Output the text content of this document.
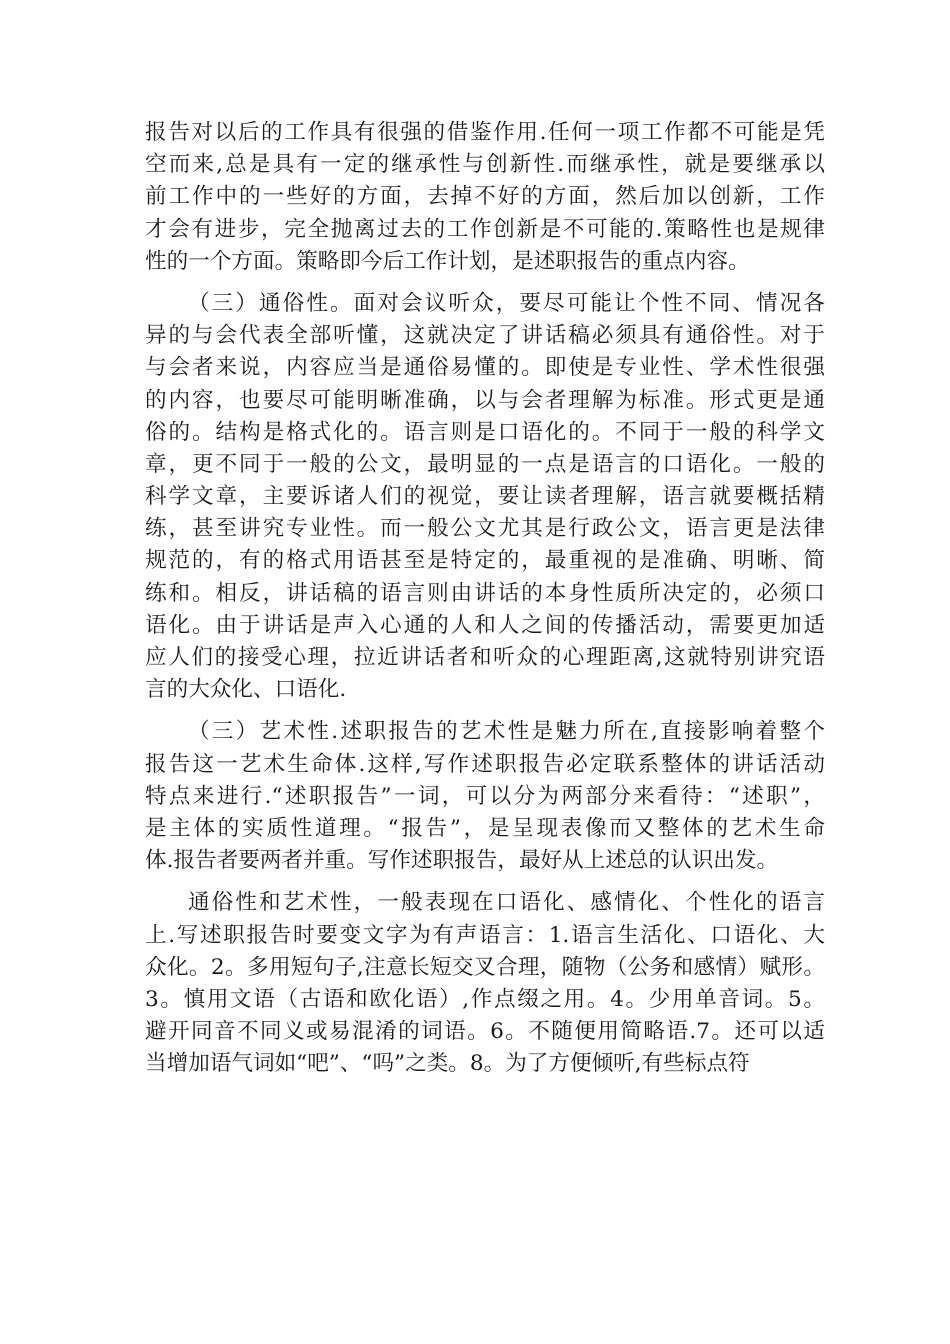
报告对以后的工作具有很强的借鉴作用.任何一项工作都不可能是凭
空而来,总是具有一定的继承性与创新性.而继承性，就是要继承以
前工作中的一些好的方面，去掉不好的方面，然后加以创新，工作
才会有进步，完全抛离过去的工作创新是不可能的.策略性也是规律
性的一个方面。策略即今后工作计划，是述职报告的重点内容。
（三）通俗性。面对会议听众，要尽可能让个性不同、情况各
异的与会代表全部听懂，这就决定了讲话稿必须具有通俗性。对于
与会者来说，内容应当是通俗易懂的。即使是专业性、学术性很强
的内容，也要尽可能明晰准确，以与会者理解为标准。形式更是通
俗的。结构是格式化的。语言则是口语化的。不同于一般的科学文
章，更不同于一般的公文，最明显的一点是语言的口语化。一般的
科学文章，主要诉诸人们的视觉，要让读者理解，语言就要概括精
练，甚至讲究专业性。而一般公文尤其是行政公文，语言更是法律
规范的，有的格式用语甚至是特定的，最重视的是准确、明晰、简
练和。相反，讲话稿的语言则由讲话的本身性质所决定的，必须口
语化。由于讲话是声入心通的人和人之间的传播活动，需要更加适
应人们的接受心理，拉近讲话者和听众的心理距离,这就特别讲究语
言的大众化、口语化.
（三）艺术性.述职报告的艺术性是魅力所在,直接影响着整个
报告这一艺术生命体.这样,写作述职报告必定联系整体的讲话活动
特点来进行.“述职报告”一词，可以分为两部分来看待：“述职”，
是主体的实质性道理。“报告”，是呈现表像而又整体的艺术生命
体.报告者要两者并重。写作述职报告，最好从上述总的认识出发。
通俗性和艺术性，一般表现在口语化、感情化、个性化的语言
上.写述职报告时要变文字为有声语言：1.语言生活化、口语化、大
众化。2。多用短句子,注意长短交叉合理，随物（公务和感情）赋形。
3。慎用文语（古语和欧化语）,作点缀之用。4。少用单音词。5。
避开同音不同义或易混淆的词语。6。不随便用简略语.7。还可以适
当增加语气词如“吧”、“吗”之类。8。为了方便倾听,有些标点符
